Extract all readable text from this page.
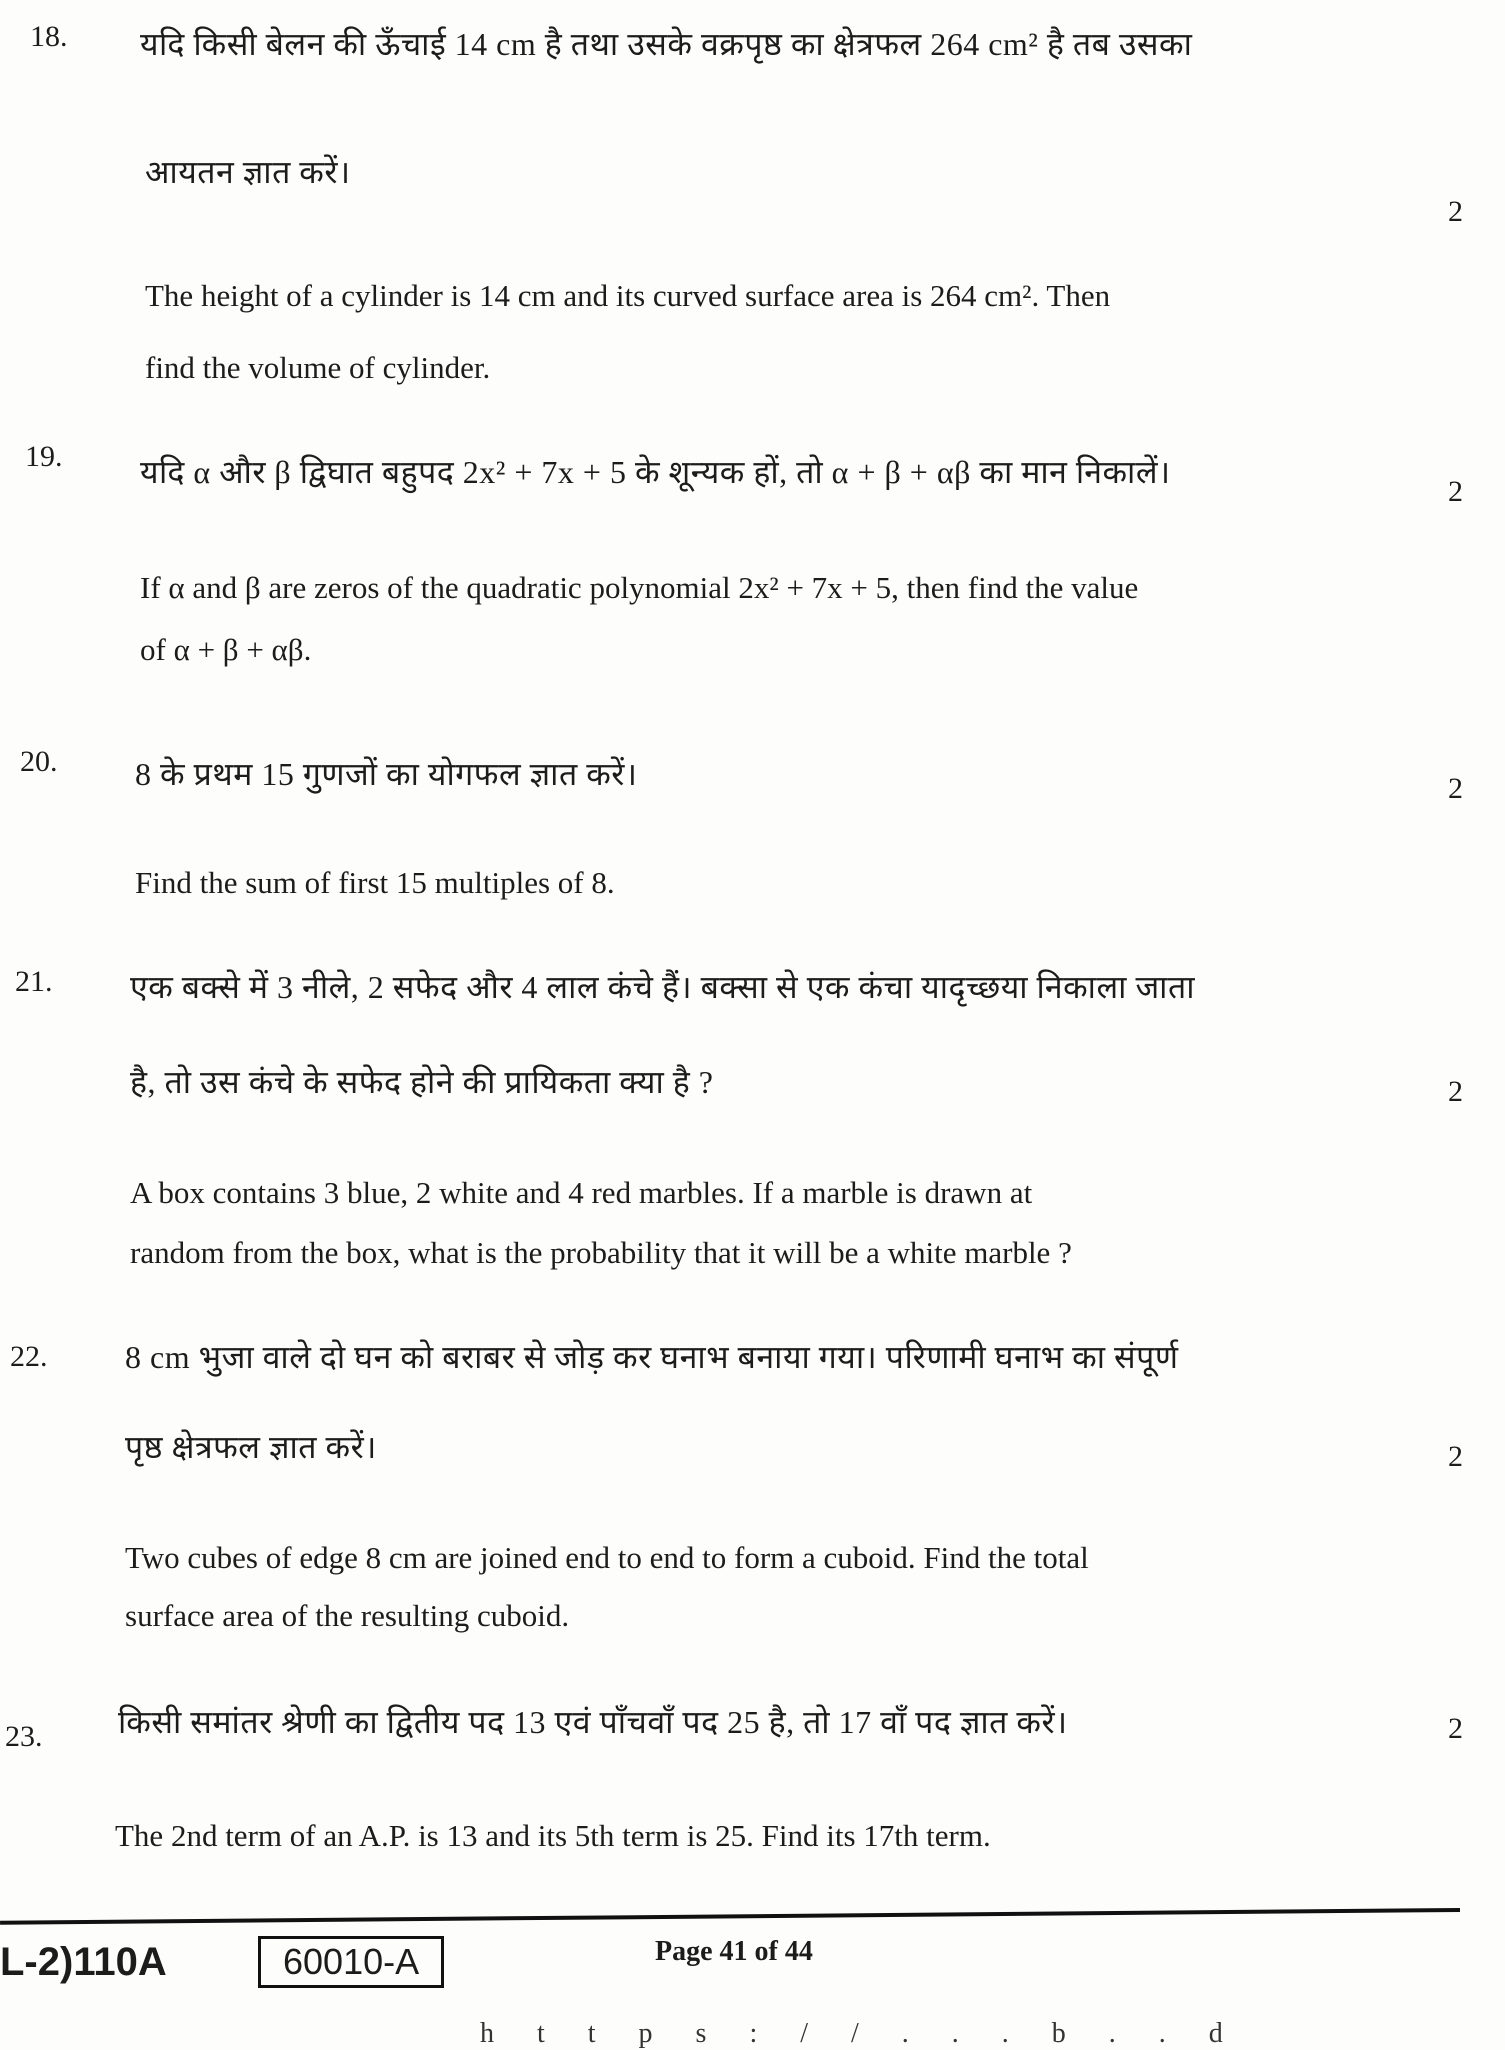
18. यदि किसी बेलन की ऊँचाई 14 cm है तथा उसके वक्रपृष्ठ का क्षेत्रफल 264 cm² है तब उसका
आयतन ज्ञात करें।
2
The height of a cylinder is 14 cm and its curved surface area is 264 cm². Then
find the volume of cylinder.
19. यदि α और β द्विघात बहुपद 2x² + 7x + 5 के शून्यक हों, तो α + β + αβ का मान निकालें।
2
If α and β are zeros of the quadratic polynomial 2x² + 7x + 5, then find the value
of α + β + αβ.
20. 8 के प्रथम 15 गुणजों का योगफल ज्ञात करें।	2
Find the sum of first 15 multiples of 8.
21. एक बक्से में 3 नीले, 2 सफेद और 4 लाल कंचे हैं। बक्सा से एक कंचा यादृच्छया निकाला जाता
है, तो उस कंचे के सफेद होने की प्रायिकता क्या है ?	2
A box contains 3 blue, 2 white and 4 red marbles. If a marble is drawn at
random from the box, what is the probability that it will be a white marble ?
22. 8 cm भुजा वाले दो घन को बराबर से जोड़ कर घनाभ बनाया गया। परिणामी घनाभ का संपूर्ण
पृष्ठ क्षेत्रफल ज्ञात करें।	2
Two cubes of edge 8 cm are joined end to end to form a cuboid. Find the total
surface area of the resulting cuboid.
23. किसी समांतर श्रेणी का द्वितीय पद 13 एवं पाँचवाँ पद 25 है, तो 17 वाँ पद ज्ञात करें।	2
The 2nd term of an A.P. is 13 and its 5th term is 25. Find its 17th term.
L-2)110A	60010-A	Page 41 of 44
h t t p s : / / . . . b . . d
